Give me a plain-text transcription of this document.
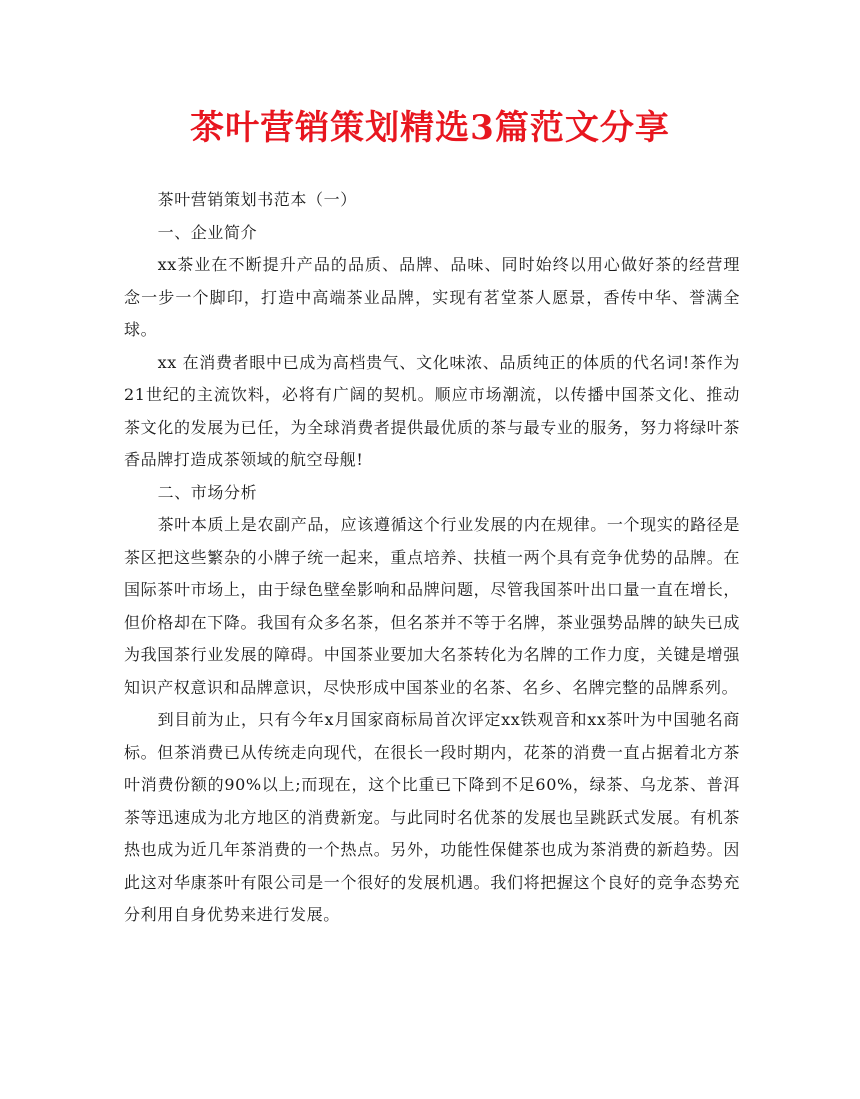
茶叶营销策划精选3篇范文分享

茶叶营销策划书范本（一）

一、企业简介

xx茶业在不断提升产品的品质、品牌、品味、同时始终以用心做好茶的经营理念一步一个脚印，打造中高端茶业品牌，实现有茗堂茶人愿景，香传中华、誉满全球。

xx 在消费者眼中已成为高档贵气、文化味浓、品质纯正的体质的代名词!茶作为21世纪的主流饮料，必将有广阔的契机。顺应市场潮流，以传播中国茶文化、推动茶文化的发展为已任，为全球消费者提供最优质的茶与最专业的服务，努力将绿叶茶香品牌打造成茶领域的航空母舰!

二、市场分析

茶叶本质上是农副产品，应该遵循这个行业发展的内在规律。一个现实的路径是茶区把这些繁杂的小牌子统一起来，重点培养、扶植一两个具有竞争优势的品牌。在国际茶叶市场上，由于绿色壁垒影响和品牌问题，尽管我国茶叶出口量一直在增长，但价格却在下降。我国有众多名茶，但名茶并不等于名牌，茶业强势品牌的缺失已成为我国茶行业发展的障碍。中国茶业要加大名茶转化为名牌的工作力度，关键是增强知识产权意识和品牌意识，尽快形成中国茶业的名茶、名乡、名牌完整的品牌系列。

到目前为止，只有今年x月国家商标局首次评定xx铁观音和xx茶叶为中国驰名商标。但茶消费已从传统走向现代，在很长一段时期内，花茶的消费一直占据着北方茶叶消费份额的90%以上;而现在，这个比重已下降到不足60%，绿茶、乌龙茶、普洱茶等迅速成为北方地区的消费新宠。与此同时名优茶的发展也呈跳跃式发展。有机茶热也成为近几年茶消费的一个热点。另外，功能性保健茶也成为茶消费的新趋势。因此这对华康茶叶有限公司是一个很好的发展机遇。我们将把握这个良好的竞争态势充分利用自身优势来进行发展。
